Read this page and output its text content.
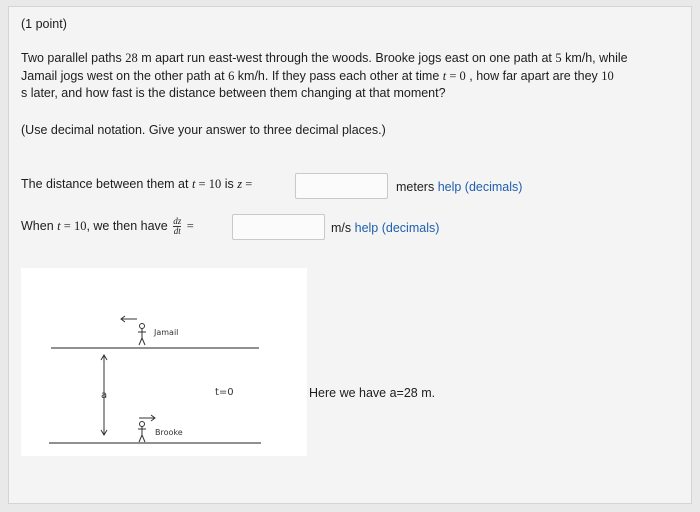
(1 point)
Two parallel paths 28 m apart run east-west through the woods. Brooke jogs east on one path at 5 km/h, while
Jamail jogs west on the other path at 6 km/h. If they pass each other at time t = 0 , how far apart are they 10
s later, and how fast is the distance between them changing at that moment?
(Use decimal notation. Give your answer to three decimal places.)
The distance between them at t = 10 is z =	meters help (decimals)
When t = 10, we then have $\frac{dz}{dt}$ =	m/s help (decimals)
Jamail
a	t=0
Brooke
Here we have a=28 m.
